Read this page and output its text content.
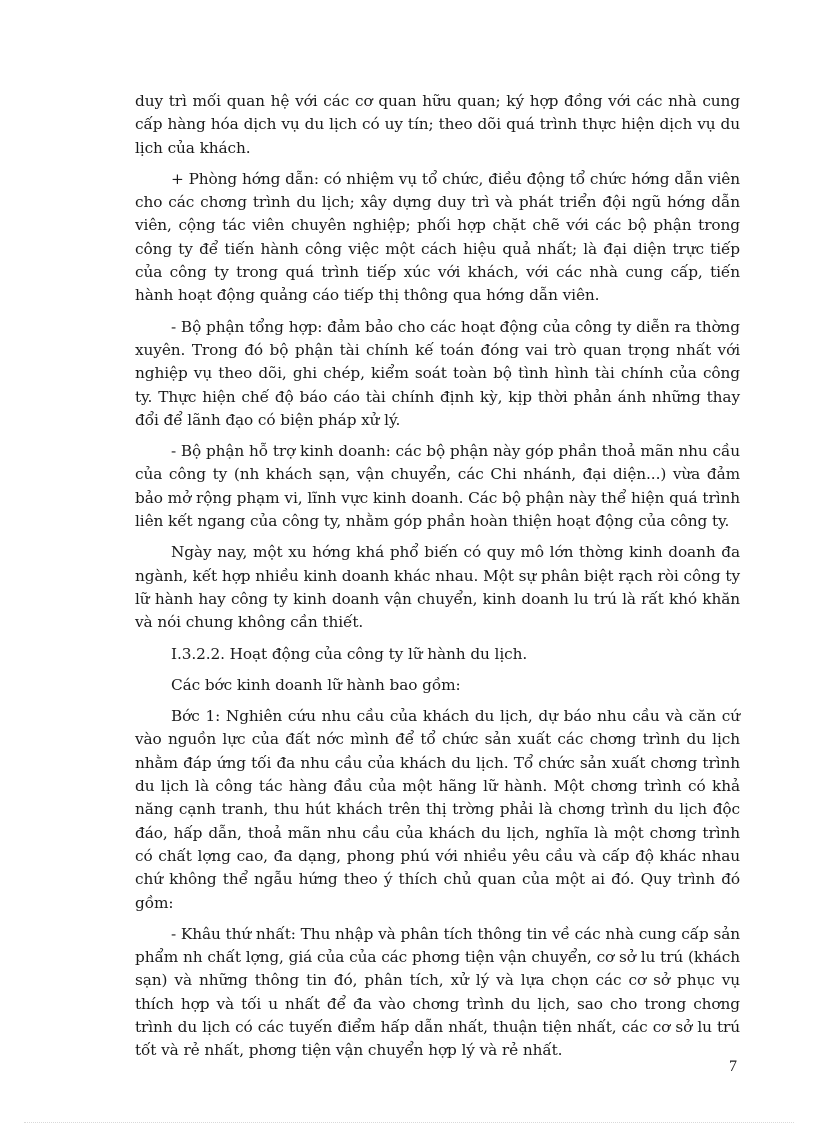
duy trì mối quan hệ với các cơ quan hữu quan; ký hợp đồng với các nhà cung cấp hàng hóa dịch vụ du lịch có uy tín; theo dõi quá trình thực hiện dịch vụ du lịch của khách.

+ Phòng hớng dẫn: có nhiệm vụ tổ chức, điều động tổ chức hớng dẫn viên cho các chơng trình du lịch; xây dựng duy trì và phát triển đội ngũ hớng dẫn viên, cộng tác viên chuyên nghiệp; phối hợp chặt chẽ với các bộ phận trong công ty để tiến hành công việc một cách hiệu quả nhất; là đại diện trực tiếp của công ty trong quá trình tiếp xúc với khách, với các nhà cung cấp, tiến hành hoạt động quảng cáo tiếp thị thông qua hớng dẫn viên.

- Bộ phận tổng hợp: đảm bảo cho các hoạt động của công ty diễn ra thờng xuyên. Trong đó bộ phận tài chính kế toán đóng vai trò quan trọng nhất với nghiệp vụ theo dõi, ghi chép, kiểm soát toàn bộ tình hình tài chính của công ty. Thực hiện chế độ báo cáo tài chính định kỳ, kịp thời phản ánh những thay đổi để lãnh đạo có biện pháp xử lý.

- Bộ phận hỗ trợ kinh doanh: các bộ phận này góp phần thoả mãn nhu cầu của công ty (nh khách sạn, vận chuyển, các Chi nhánh, đại diện...) vừa đảm bảo mở rộng phạm vi, lĩnh vực kinh doanh. Các bộ phận này thể hiện quá trình liên kết ngang của công ty, nhằm góp phần hoàn thiện hoạt động của công ty.

Ngày nay, một xu hớng khá phổ biến có quy mô lớn thờng kinh doanh đa ngành, kết hợp nhiều kinh doanh khác nhau. Một sự phân biệt rạch ròi công ty lữ hành hay công ty kinh doanh vận chuyển, kinh doanh lu trú là rất khó khăn và nói chung không cần thiết.

I.3.2.2. Hoạt động của công ty lữ hành du lịch.

Các bớc kinh doanh lữ hành bao gồm:

Bớc 1: Nghiên cứu nhu cầu của khách du lịch, dự báo nhu cầu và căn cứ vào nguồn lực của đất nớc mình để tổ chức sản xuất các chơng trình du lịch nhằm đáp ứng tối đa nhu cầu của khách du lịch. Tổ chức sản xuất chơng trình du lịch là công tác hàng đầu của một hãng lữ hành. Một chơng trình có khả năng cạnh tranh, thu hút khách trên thị trờng phải là chơng trình du lịch độc đáo, hấp dẫn, thoả mãn nhu cầu của khách du lịch, nghĩa là một chơng trình có chất lợng cao, đa dạng, phong phú với nhiều yêu cầu và cấp độ khác nhau chứ không thể ngẫu hứng theo ý thích chủ quan của một ai đó. Quy trình đó gồm:

- Khâu thứ nhất: Thu nhập và phân tích thông tin về các nhà cung cấp sản phẩm nh chất lợng, giá của của các phơng tiện vận chuyển, cơ sở lu trú (khách sạn) và những thông tin đó, phân tích, xử lý và lựa chọn các cơ sở phục vụ thích hợp và tối u nhất để đa vào chơng trình du lịch, sao cho trong chơng trình du lịch có các tuyến điểm hấp dẫn nhất, thuận tiện nhất, các cơ sở lu trú tốt và rẻ nhất, phơng tiện vận chuyển hợp lý và rẻ nhất.

7
